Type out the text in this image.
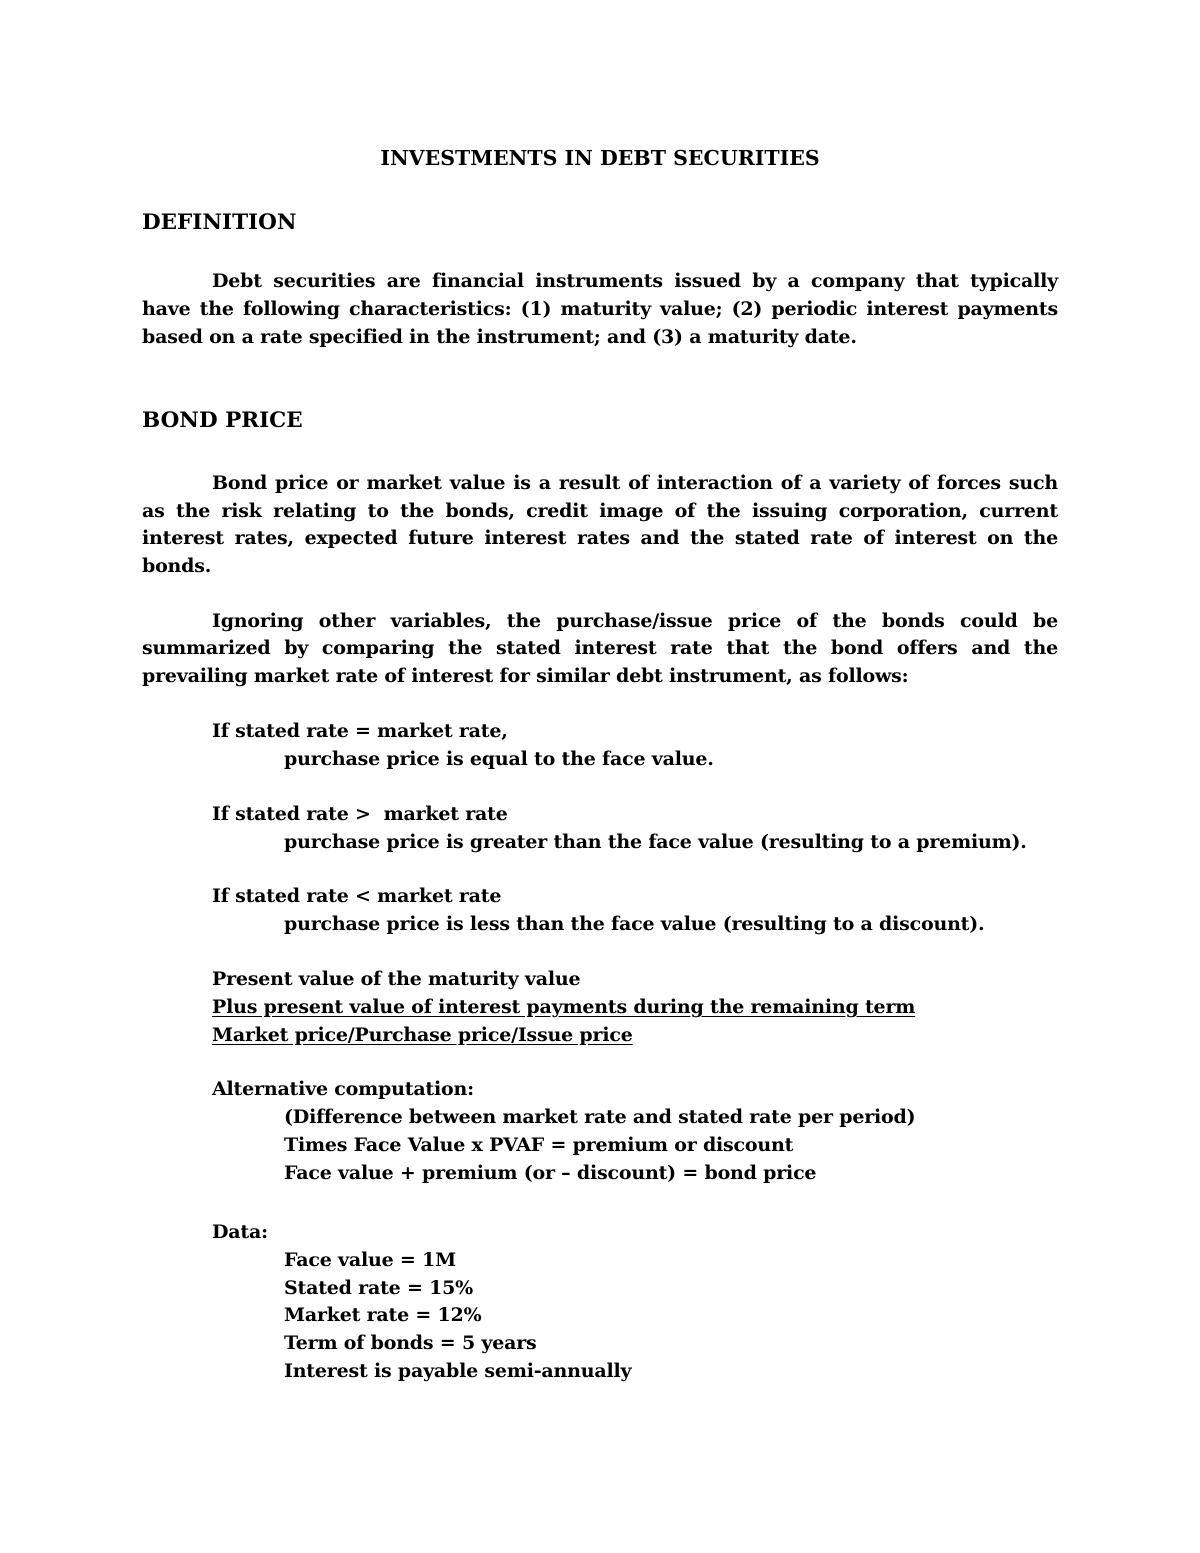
INVESTMENTS IN DEBT SECURITIES

DEFINITION

Debt securities are financial instruments issued by a company that typically

have the following characteristics: (1) maturity value; (2) periodic interest payments

based on a rate specified in the instrument; and (3) a maturity date.

BOND PRICE

Bond price or market value is a result of interaction of a variety of forces such

as the risk relating to the bonds, credit image of the issuing corporation, current

interest rates, expected future interest rates and the stated rate of interest on the

bonds.

Ignoring other variables, the purchase/issue price of the bonds could be

summarized by comparing the stated interest rate that the bond offers and the

prevailing market rate of interest for similar debt instrument, as follows:

If stated rate = market rate,

purchase price is equal to the face value.

If stated rate >  market rate

purchase price is greater than the face value (resulting to a premium).

If stated rate < market rate

purchase price is less than the face value (resulting to a discount).

Present value of the maturity value

Plus present value of interest payments during the remaining term

Market price/Purchase price/Issue price

Alternative computation:

(Difference between market rate and stated rate per period)

Times Face Value x PVAF = premium or discount

Face value + premium (or – discount) = bond price

Data:

Face value = 1M

Stated rate = 15%

Market rate = 12%

Term of bonds = 5 years

Interest is payable semi-annually
